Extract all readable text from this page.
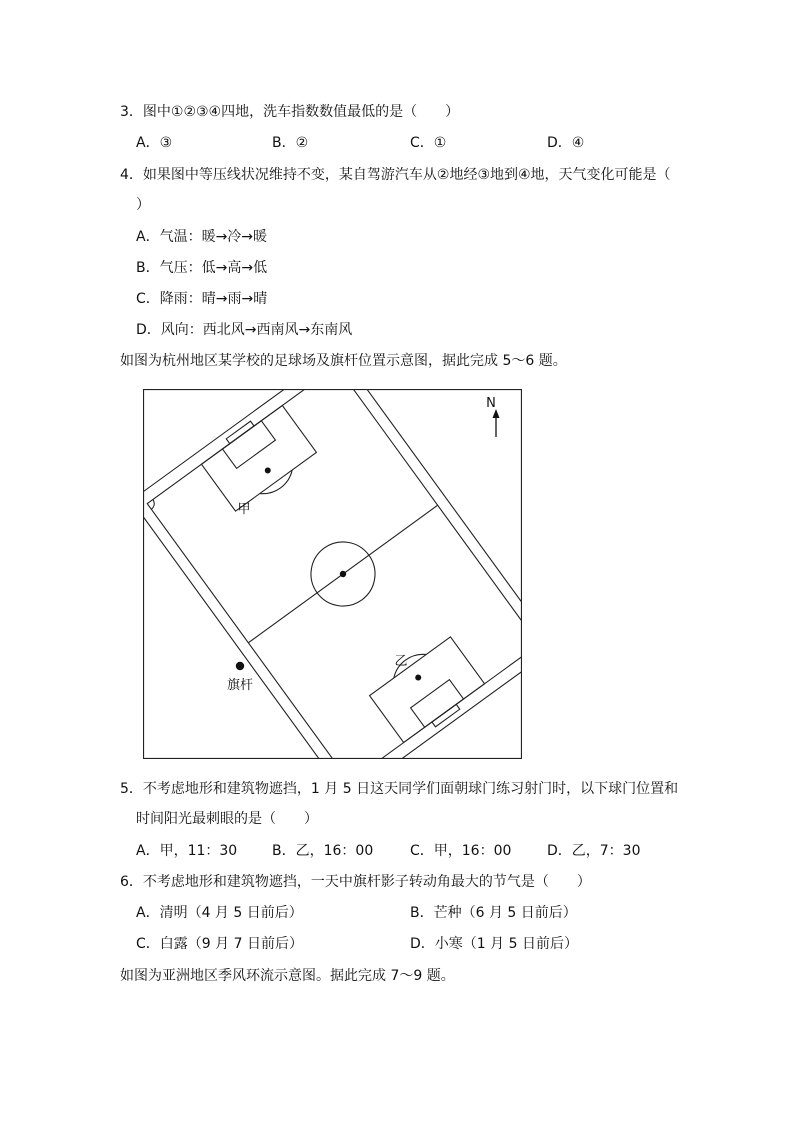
3．图中①②③④四地，洗车指数数值最低的是（　　）
A．③	B．②	C．①	D．④
4．如果图中等压线状况维持不变，某自驾游汽车从②地经③地到④地，天气变化可能是（
）
A．气温：暖→冷→暖
B．气压：低→高→低
C．降雨：晴→雨→晴
D．风向：西北风→西南风→东南风
如图为杭州地区某学校的足球场及旗杆位置示意图，据此完成 5～6 题。
N
甲
乙
旗杆
5．不考虑地形和建筑物遮挡，1 月 5 日这天同学们面朝球门练习射门时，以下球门位置和
时间阳光最刺眼的是（　　）
A．甲，11：30 B．乙，16：00	C．甲，16：00	D．乙，7：30
6．不考虑地形和建筑物遮挡，一天中旗杆影子转动角最大的节气是（　　）
A．清明（4 月 5 日前后）	B．芒种（6 月 5 日前后）
C．白露（9 月 7 日前后）	D．小寒（1 月 5 日前后）
如图为亚洲地区季风环流示意图。据此完成 7～9 题。
